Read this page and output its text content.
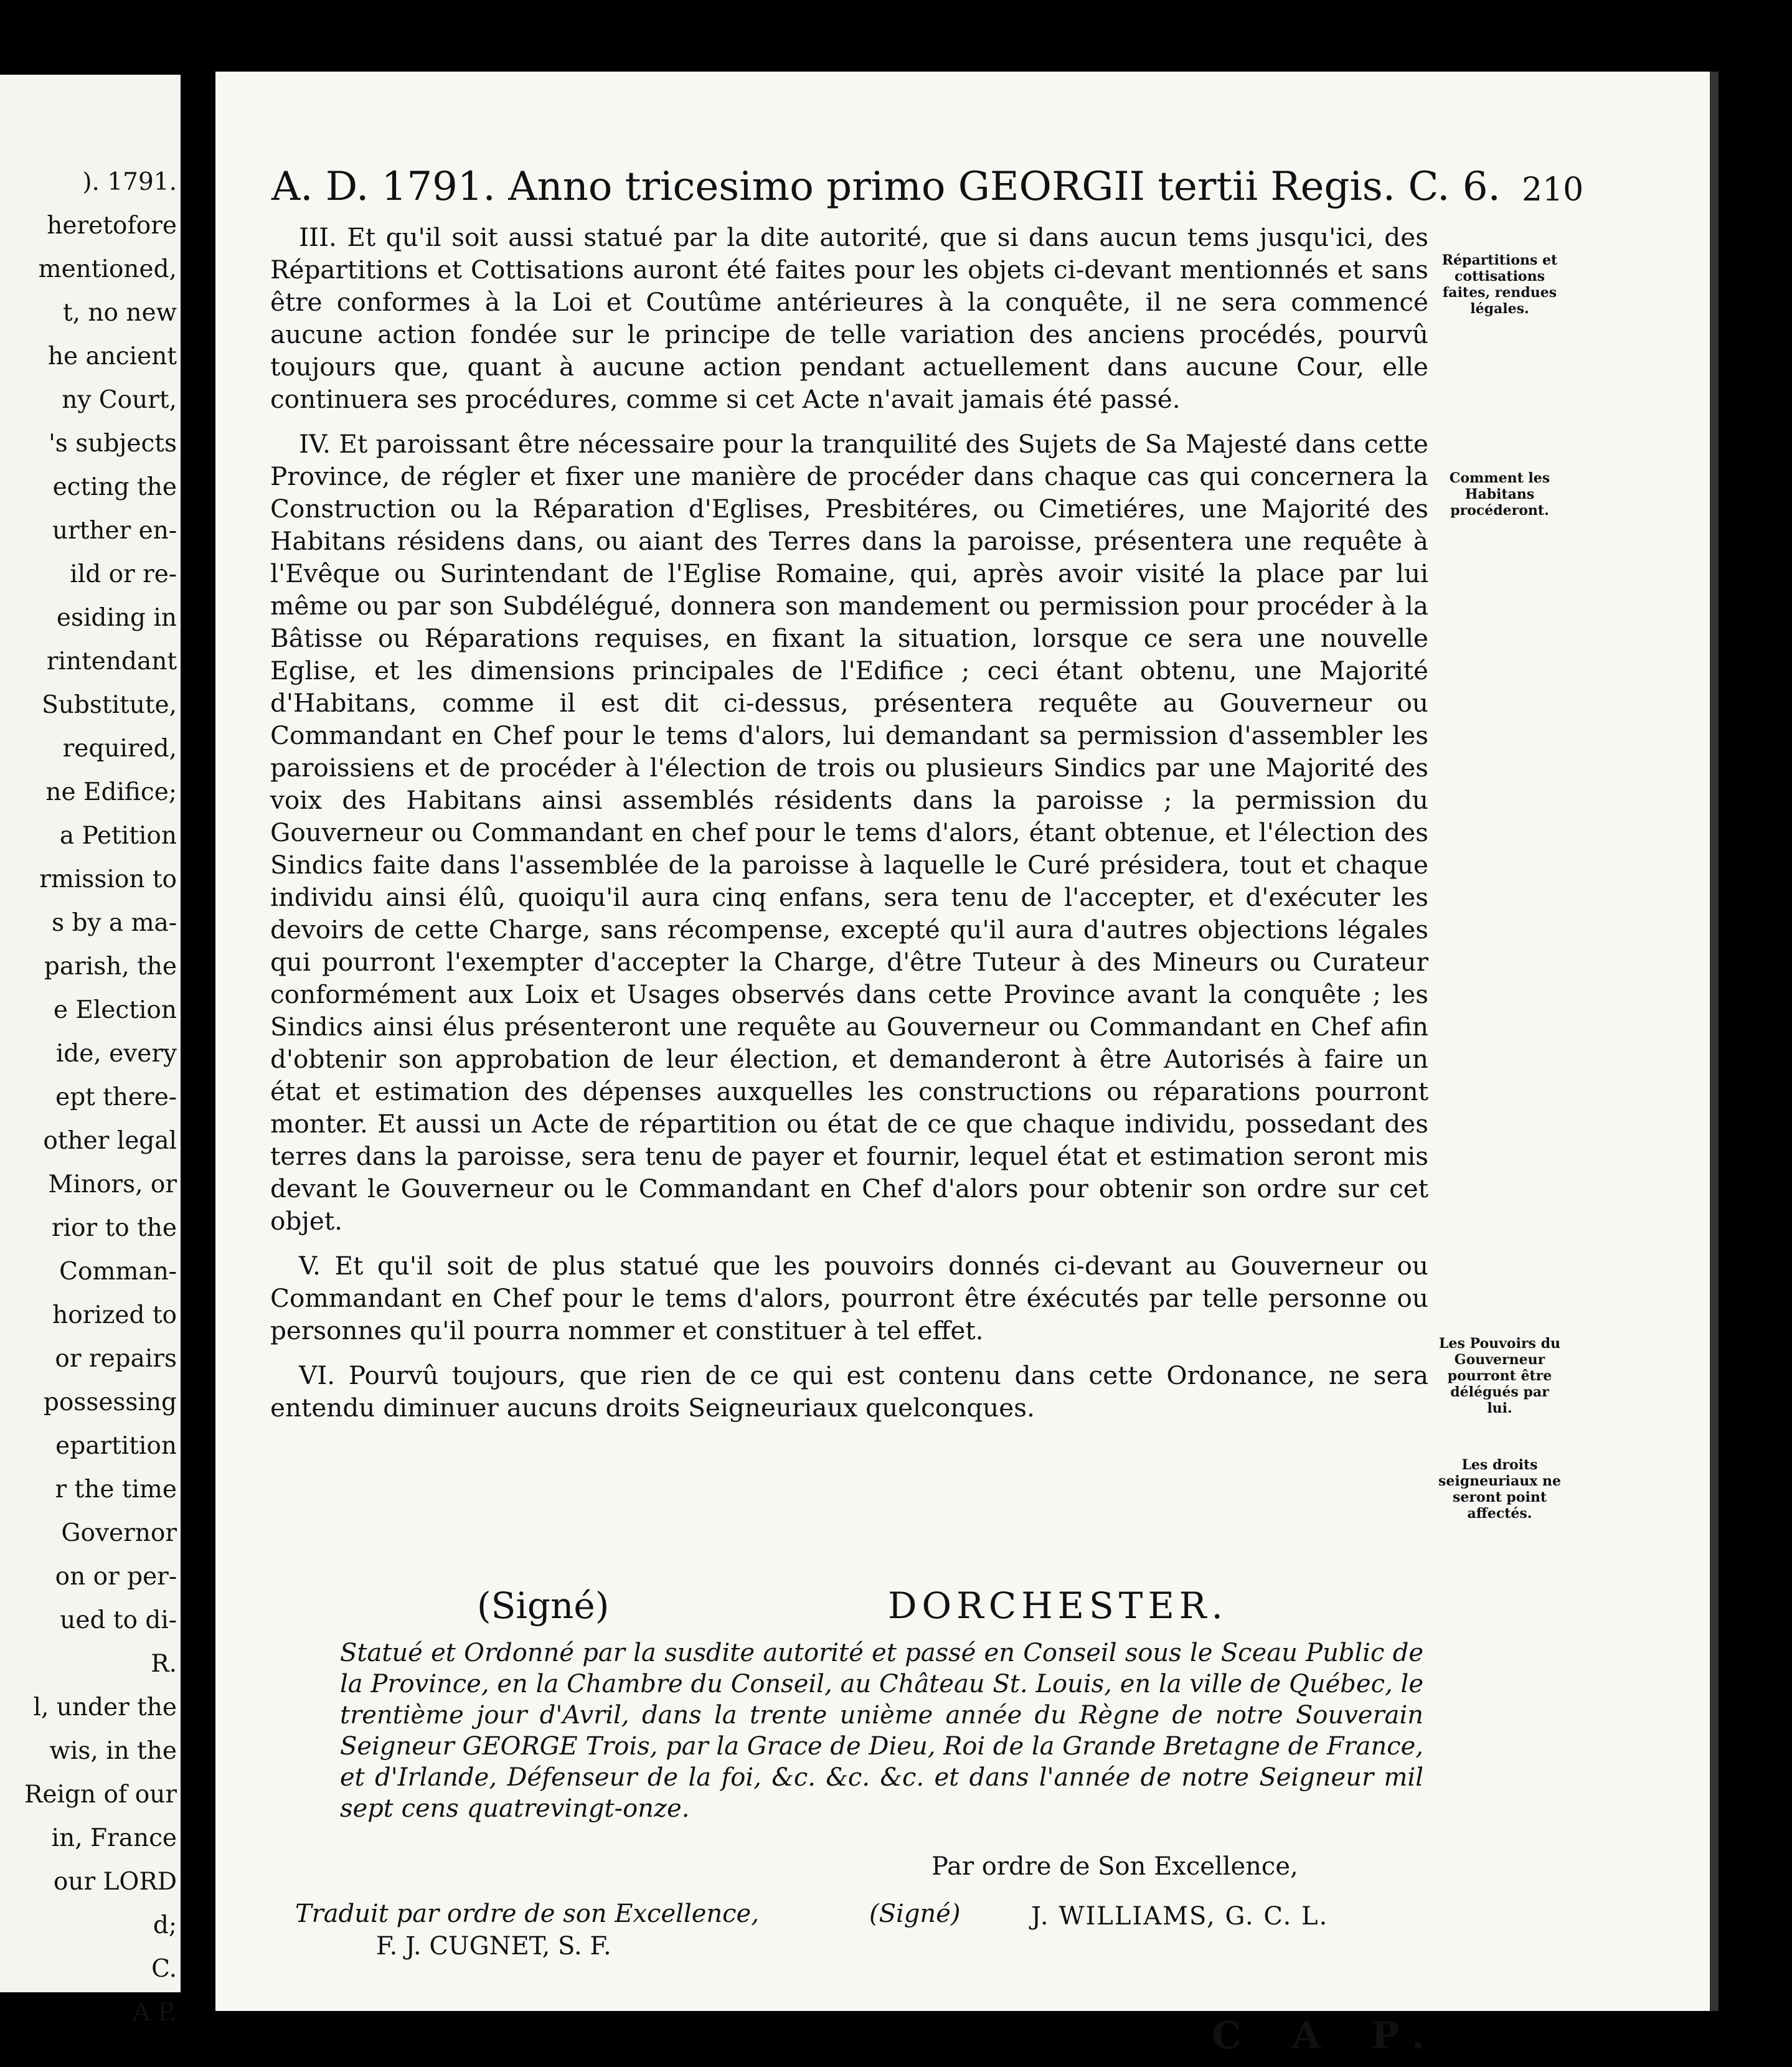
). 1791.
heretofore
mentioned,
t, no new
he ancient
ny Court,
's subjects
ecting the
urther en-
ild or re-
esiding in
rintendant
Substitute,
required,
ne Edifice;
a Petition
rmission to
s by a ma-
parish, the
e Election
ide, every
ept there-
other legal
Minors, or
rior to the
Comman-
horized to
or repairs
possessing
epartition
r the time
Governor
on or per-
ued to di-
R.
l, under the
wis, in the
Reign of our
in, France
our LORD
d;
C.
A P.
A. D. 1791. Anno tricesimo primo GEORGII tertii Regis. C. 6. 210

III. Et qu'il soit aussi statué par la dite autorité, que si dans aucun tems jusqu'ici, des Répartitions et Cottisations auront été faites pour les objets ci-devant mentionnés et sans être conformes à la Loi et Coutûme antérieures à la conquête, il ne sera commencé aucune action fondée sur le principe de telle variation des anciens procédés, pourvû toujours que, quant à aucune action pendant actuellement dans aucune Cour, elle continuera ses procédures, comme si cet Acte n'avait jamais été passé.

IV. Et paroissant être nécessaire pour la tranquilité des Sujets de Sa Majesté dans cette Province, de régler et fixer une manière de procéder dans chaque cas qui concernera la Construction ou la Réparation d'Eglises, Presbitéres, ou Cimetiéres, une Majorité des Habitans résidens dans, ou aiant des Terres dans la paroisse, présentera une requête à l'Evêque ou Surintendant de l'Eglise Romaine, qui, après avoir visité la place par lui même ou par son Subdélégué, donnera son mandement ou permission pour procéder à la Bâtisse ou Réparations requises, en fixant la situation, lorsque ce sera une nouvelle Eglise, et les dimensions principales de l'Edifice ; ceci étant obtenu, une Majorité d'Habitans, comme il est dit ci-dessus, présentera requête au Gouverneur ou Commandant en Chef pour le tems d'alors, lui demandant sa permission d'assembler les paroissiens et de procéder à l'élection de trois ou plusieurs Sindics par une Majorité des voix des Habitans ainsi assemblés résidents dans la paroisse ; la permission du Gouverneur ou Commandant en chef pour le tems d'alors, étant obtenue, et l'élection des Sindics faite dans l'assemblée de la paroisse à laquelle le Curé présidera, tout et chaque individu ainsi élû, quoiqu'il aura cinq enfans, sera tenu de l'accepter, et d'exécuter les devoirs de cette Charge, sans récompense, excepté qu'il aura d'autres objections légales qui pourront l'exempter d'accepter la Charge, d'être Tuteur à des Mineurs ou Curateur conformément aux Loix et Usages observés dans cette Province avant la conquête ; les Sindics ainsi élus présenteront une requête au Gouverneur ou Commandant en Chef afin d'obtenir son approbation de leur élection, et demanderont à être Autorisés à faire un état et estimation des dépenses auxquelles les constructions ou réparations pourront monter. Et aussi un Acte de répartition ou état de ce que chaque individu, possedant des terres dans la paroisse, sera tenu de payer et fournir, lequel état et estimation seront mis devant le Gouverneur ou le Commandant en Chef d'alors pour obtenir son ordre sur cet objet.

V. Et qu'il soit de plus statué que les pouvoirs donnés ci-devant au Gouverneur ou Commandant en Chef pour le tems d'alors, pourront être éxécutés par telle personne ou personnes qu'il pourra nommer et constituer à tel effet.

VI. Pourvû toujours, que rien de ce qui est contenu dans cette Ordonance, ne sera entendu diminuer aucuns droits Seigneuriaux quelconques.

Répartitions et cottisations faites, rendues légales.
Comment les Habitans procéderont.
Les Pouvoirs du Gouverneur pourront être délégués par lui.
Les droits seigneuriaux ne seront point affectés.
(Signé)	DORCHESTER.
Statué et Ordonné par la susdite autorité et passé en Conseil sous le Sceau Public de la Province, en la Chambre du Conseil, au Château St. Louis, en la ville de Québec, le trentième jour d'Avril, dans la trente unième année du Règne de notre Souverain Seigneur GEORGE Trois, par la Grace de Dieu, Roi de la Grande Bretagne de France, et d'Irlande, Défenseur de la foi, &c. &c. &c. et dans l'année de notre Seigneur mil sept cens quatrevingt-onze.
Par ordre de Son Excellence,
Traduit par ordre de son Excellence,
F. J. CUGNET, S. F.
(Signé)	J. WILLIAMS, G. C. L.
C A P.
